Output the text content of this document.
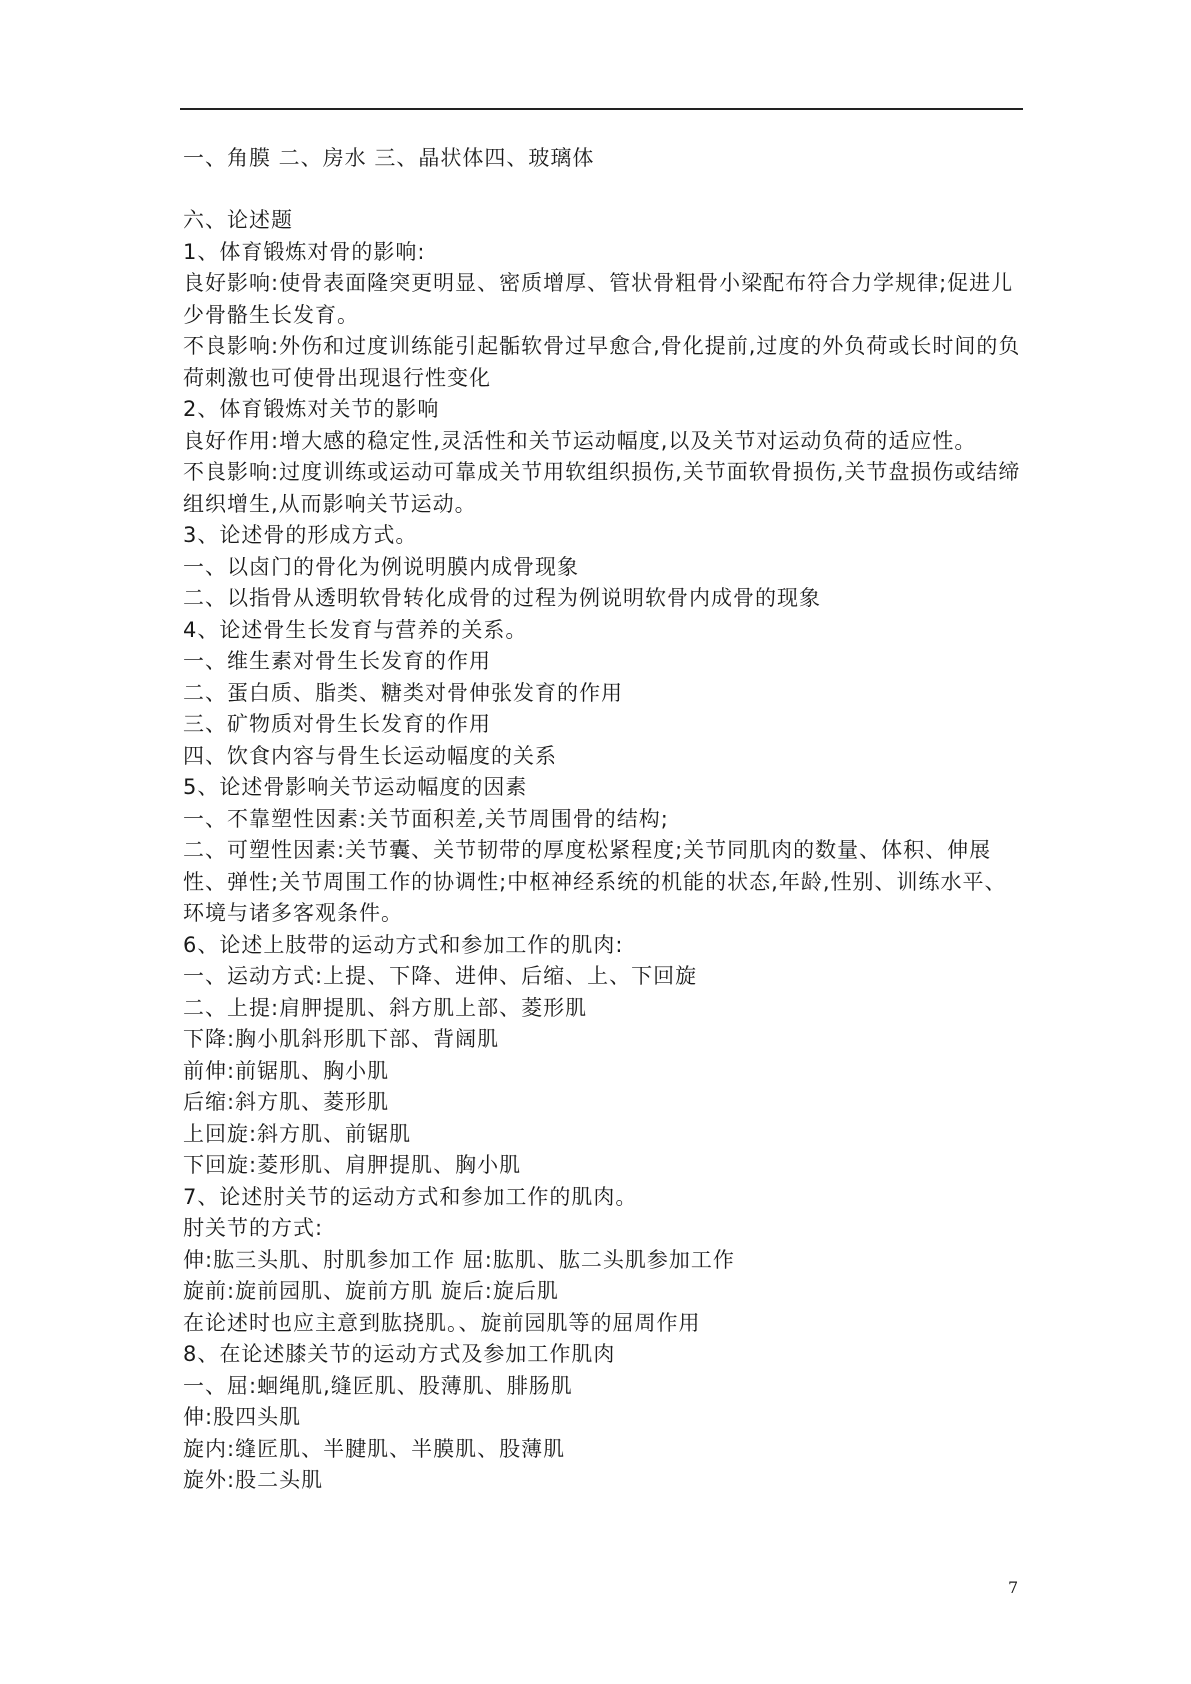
一、角膜 二、房水 三、晶状体四、玻璃体

六、论述题

1、体育锻炼对骨的影响:

良好影响:使骨表面隆突更明显、密质增厚、管状骨粗骨小梁配布符合力学规律;促进儿少骨骼生长发育。

不良影响:外伤和过度训练能引起骺软骨过早愈合,骨化提前,过度的外负荷或长时间的负荷刺激也可使骨出现退行性变化

2、体育锻炼对关节的影响

良好作用:增大感的稳定性,灵活性和关节运动幅度,以及关节对运动负荷的适应性。

不良影响:过度训练或运动可靠成关节用软组织损伤,关节面软骨损伤,关节盘损伤或结缔组织增生,从而影响关节运动。

3、论述骨的形成方式。

一、以卤门的骨化为例说明膜内成骨现象

二、以指骨从透明软骨转化成骨的过程为例说明软骨内成骨的现象

4、论述骨生长发育与营养的关系。

一、维生素对骨生长发育的作用

二、蛋白质、脂类、糖类对骨伸张发育的作用

三、矿物质对骨生长发育的作用

四、饮食内容与骨生长运动幅度的关系

5、论述骨影响关节运动幅度的因素

一、不靠塑性因素:关节面积差,关节周围骨的结构;

二、可塑性因素:关节囊、关节韧带的厚度松紧程度;关节同肌肉的数量、体积、伸展性、弹性;关节周围工作的协调性;中枢神经系统的机能的状态,年龄,性别、训练水平、环境与诸多客观条件。

6、论述上肢带的运动方式和参加工作的肌肉:

一、运动方式:上提、下降、进伸、后缩、上、下回旋

二、上提:肩胛提肌、斜方肌上部、菱形肌

下降:胸小肌斜形肌下部、背阔肌

前伸:前锯肌、胸小肌

后缩:斜方肌、菱形肌

上回旋:斜方肌、前锯肌

下回旋:菱形肌、肩胛提肌、胸小肌

7、论述肘关节的运动方式和参加工作的肌肉。

肘关节的方式:

伸:肱三头肌、肘肌参加工作 屈:肱肌、肱二头肌参加工作

旋前:旋前园肌、旋前方肌 旋后:旋后肌

在论述时也应主意到肱挠肌。、旋前园肌等的屈周作用

8、在论述膝关节的运动方式及参加工作肌肉

一、屈:蛔绳肌,缝匠肌、股薄肌、腓肠肌

伸:股四头肌

旋内:缝匠肌、半腱肌、半膜肌、股薄肌

旋外:股二头肌

7
